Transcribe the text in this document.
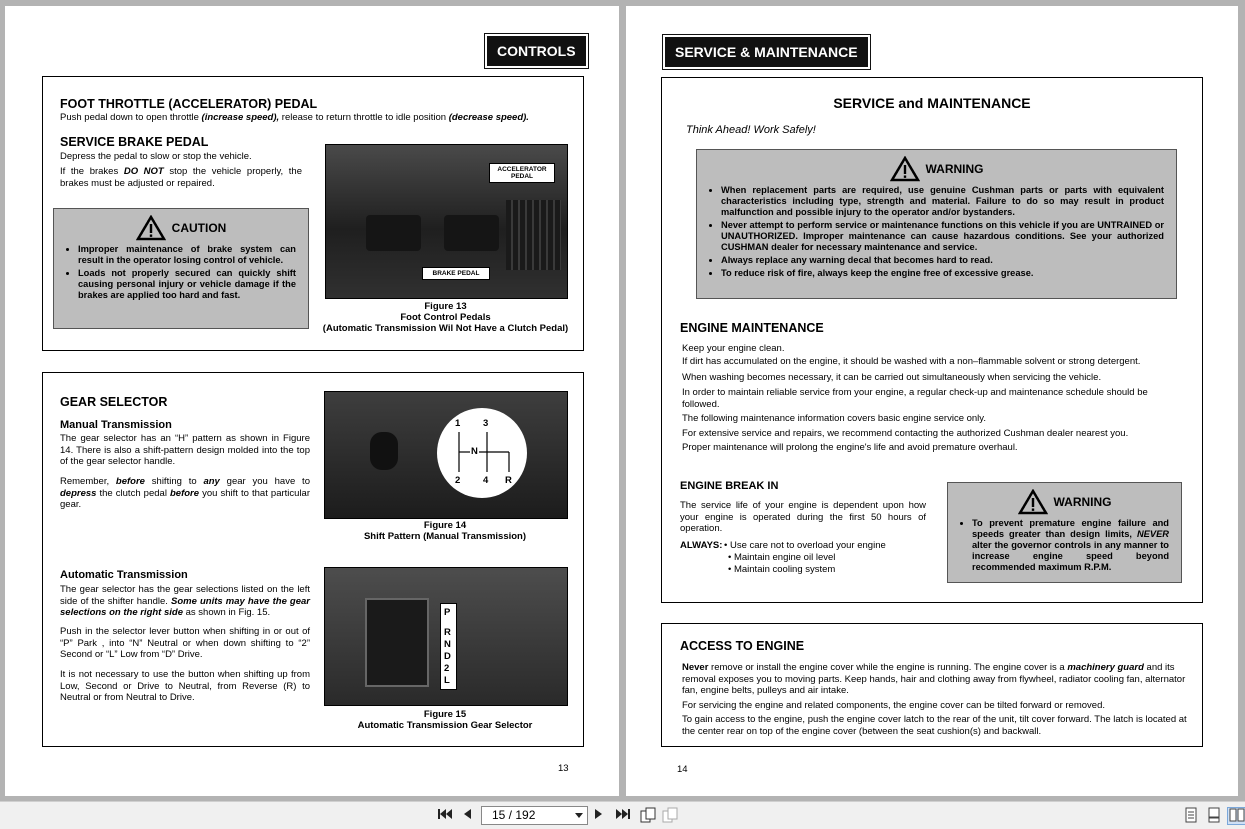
CONTROLS
FOOT THROTTLE (ACCELERATOR) PEDAL
Push pedal down to open throttle (increase speed), release to return throttle to idle position (decrease speed).
SERVICE BRAKE PEDAL
Depress the pedal to slow or stop the vehicle.
If the brakes DO NOT stop the vehicle properly, the brakes must be adjusted or repaired.
CAUTION
• Improper maintenance of brake system can result in the operator losing control of vehicle.
• Loads not properly secured can quickly shift causing personal injury or vehicle damage if the brakes are applied too hard and fast.
ACCELERATOR PEDAL
BRAKE PEDAL
Figure 13
Foot Control Pedals
(Automatic Transmission Wil Not Have a Clutch Pedal)
GEAR SELECTOR
Manual Transmission
The gear selector has an “H” pattern as shown in Figure 14. There is also a shift-pattern design molded into the top of the gear selector handle.
Remember, before shifting to any gear you have to depress the clutch pedal before you shift to that particular gear.
1 3
N
2 4 R
Figure 14
Shift Pattern (Manual Transmission)
Automatic Transmission
The gear selector has the gear selections listed on the left side of the shifter handle. Some units may have the gear selections on the right side as shown in Fig. 15.
Push in the selector lever button when shifting in or out of “P” Park , into “N” Neutral or when down shifting to “2” Second or “L” Low from “D” Drive.
It is not necessary to use the button when shifting up from Low, Second or Drive to Neutral, from Reverse (R) to Neutral or from Neutral to Drive.
P
R
N
D
2
L
Figure 15
Automatic Transmission Gear Selector
13
SERVICE & MAINTENANCE
SERVICE and MAINTENANCE
Think Ahead! Work Safely!
WARNING
• When replacement parts are required, use genuine Cushman parts or parts with equivalent characteristics including type, strength and material. Failure to do so may result in product malfunction and possible injury to the operator and/or bystanders.
• Never attempt to perform service or maintenance functions on this vehicle if you are UNTRAINED or UNAUTHORIZED. Improper maintenance can cause hazardous conditions. See your authorized CUSHMAN dealer for necessary maintenance and service.
• Always replace any warning decal that becomes hard to read.
• To reduce risk of fire, always keep the engine free of excessive grease.
ENGINE MAINTENANCE
Keep your engine clean.
If dirt has accumulated on the engine, it should be washed with a non–flammable solvent or strong detergent.
When washing becomes necessary, it can be carried out simultaneously when servicing the vehicle.
In order to maintain reliable service from your engine, a regular check-up and maintenance schedule should be followed.
The following maintenance information covers basic engine service only.
For extensive service and repairs, we recommend contacting the authorized Cushman dealer nearest you.
Proper maintenance will prolong the engine's life and avoid premature overhaul.
ENGINE BREAK IN
The service life of your engine is dependent upon how your engine is operated during the first 50 hours of operation.
ALWAYS: • Use care not to overload your engine
• Maintain engine oil level
• Maintain cooling system
WARNING
• To prevent premature engine failure and speeds greater than design limits, NEVER alter the governor controls in any manner to increase engine speed beyond recommended maximum R.P.M.
ACCESS TO ENGINE
Never remove or install the engine cover while the engine is running. The engine cover is a machinery guard and its removal exposes you to moving parts. Keep hands, hair and clothing away from flywheel, radiator cooling fan, alternator fan, engine belts, pulleys and air intake.
For servicing the engine and related components, the engine cover can be tilted forward or removed.
To gain access to the engine, push the engine cover latch to the rear of the unit, tilt cover forward. The latch is located at the center rear on top of the engine cover (between the seat cushion(s) and backwall.
14
15 / 192
